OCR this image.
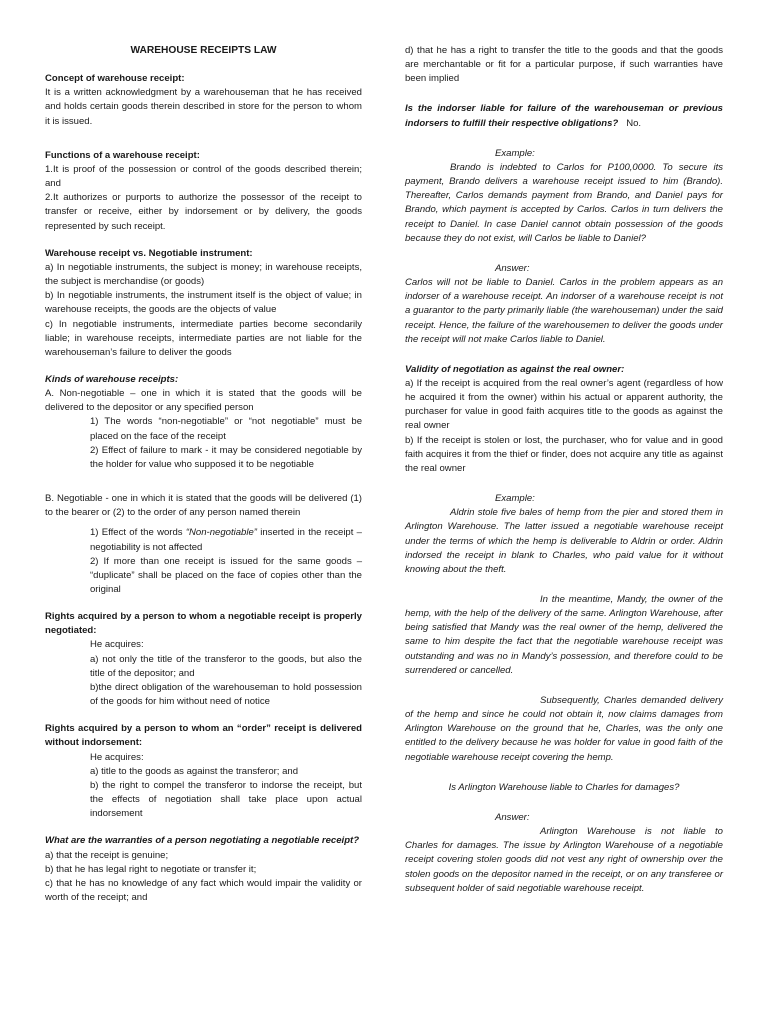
WAREHOUSE RECEIPTS LAW

Concept of warehouse receipt:

It is a written acknowledgment by a warehouseman that he has received and holds certain goods therein described in store for the person to whom it is issued.

Functions of a warehouse receipt:

1.It is proof of the possession or control of the goods described therein; and

2.It authorizes or purports to authorize the possessor of the receipt to transfer or receive, either by indorsement or by delivery, the goods represented by such receipt.

Warehouse receipt vs. Negotiable instrument:

a) In negotiable instruments, the subject is money; in warehouse receipts, the subject is merchandise (or goods)

b) In negotiable instruments, the instrument itself is the object of value; in warehouse receipts, the goods are the objects of value

c) In negotiable instruments, intermediate parties become secondarily liable; in warehouse receipts, intermediate parties are not liable for the warehouseman’s failure to deliver the goods

Kinds of warehouse receipts:

A. Non-negotiable – one in which it is stated that the goods will be delivered to the depositor or any specified person

1) The words “non-negotiable” or “not negotiable” must be placed on the face of the receipt

2) Effect of failure to mark - it may be considered negotiable by the holder for value who supposed it to be negotiable

B. Negotiable - one in which it is stated that the goods will be delivered (1) to the bearer or (2) to the order of any person named therein

1) Effect of the words “Non-negotiable” inserted in the receipt – negotiability is not affected

2) If more than one receipt is issued for the same goods – “duplicate” shall be placed on the face of copies other than the original

Rights acquired by a person to whom a negotiable receipt is properly negotiated:

He acquires:

a) not only the title of the transferor to the goods, but also the title of the depositor; and

b)the direct obligation of the warehouseman to hold possession of the goods for him without need of notice

Rights acquired by a person to whom an “order” receipt is delivered without indorsement:

He acquires:

a) title to the goods as against the transferor; and

b) the right to compel the transferor to indorse the receipt, but the effects of negotiation shall take place upon actual indorsement

What are the warranties of a person negotiating a negotiable receipt?

a) that the receipt is genuine;

b) that he has legal right to negotiate or transfer it;

c) that he has no knowledge of any fact which would impair the validity or worth of the receipt; and

d) that he has a right to transfer the title to the goods and that the goods are merchantable or fit for a particular purpose, if such warranties have been implied

Is the indorser liable for failure of the warehouseman or previous indorsers to fulfill their respective obligations? No.

Example:

Brando is indebted to Carlos for P100,0000. To secure its payment, Brando delivers a warehouse receipt issued to him (Brando). Thereafter, Carlos demands payment from Brando, and Daniel pays for Brando, which payment is accepted by Carlos. Carlos in turn delivers the receipt to Daniel. In case Daniel cannot obtain possession of the goods because they do not exist, will Carlos be liable to Daniel?

Answer:

Carlos will not be liable to Daniel. Carlos in the problem appears as an indorser of a warehouse receipt. An indorser of a warehouse receipt is not a guarantor to the party primarily liable (the warehouseman) under the said receipt. Hence, the failure of the warehousemen to deliver the goods under the receipt will not make Carlos liable to Daniel.

Validity of negotiation as against the real owner:

a) If the receipt is acquired from the real owner’s agent (regardless of how he acquired it from the owner) within his actual or apparent authority, the purchaser for value in good faith acquires title to the goods as against the real owner

b) If the receipt is stolen or lost, the purchaser, who for value and in good faith acquires it from the thief or finder, does not acquire any title as against the real owner

Example:

Aldrin stole five bales of hemp from the pier and stored them in Arlington Warehouse. The latter issued a negotiable warehouse receipt under the terms of which the hemp is deliverable to Aldrin or order. Aldrin indorsed the receipt in blank to Charles, who paid value for it without knowing about the theft.

In the meantime, Mandy, the owner of the hemp, with the help of the delivery of the same. Arlington Warehouse, after being satisfied that Mandy was the real owner of the hemp, delivered the same to him despite the fact that the negotiable warehouse receipt was outstanding and was no in Mandy’s possession, and therefore could to be surrendered or cancelled.

Subsequently, Charles demanded delivery of the hemp and since he could not obtain it, now claims damages from Arlington Warehouse on the ground that he, Charles, was the only one entitled to the delivery because he was holder for value in good faith of the negotiable warehouse receipt covering the hemp.

Is Arlington Warehouse liable to Charles for damages?

Answer:

Arlington Warehouse is not liable to Charles for damages. The issue by Arlington Warehouse of a negotiable receipt covering stolen goods did not vest any right of ownership over the stolen goods on the depositor named in the receipt, or on any transferee or subsequent holder of said negotiable warehouse receipt.
